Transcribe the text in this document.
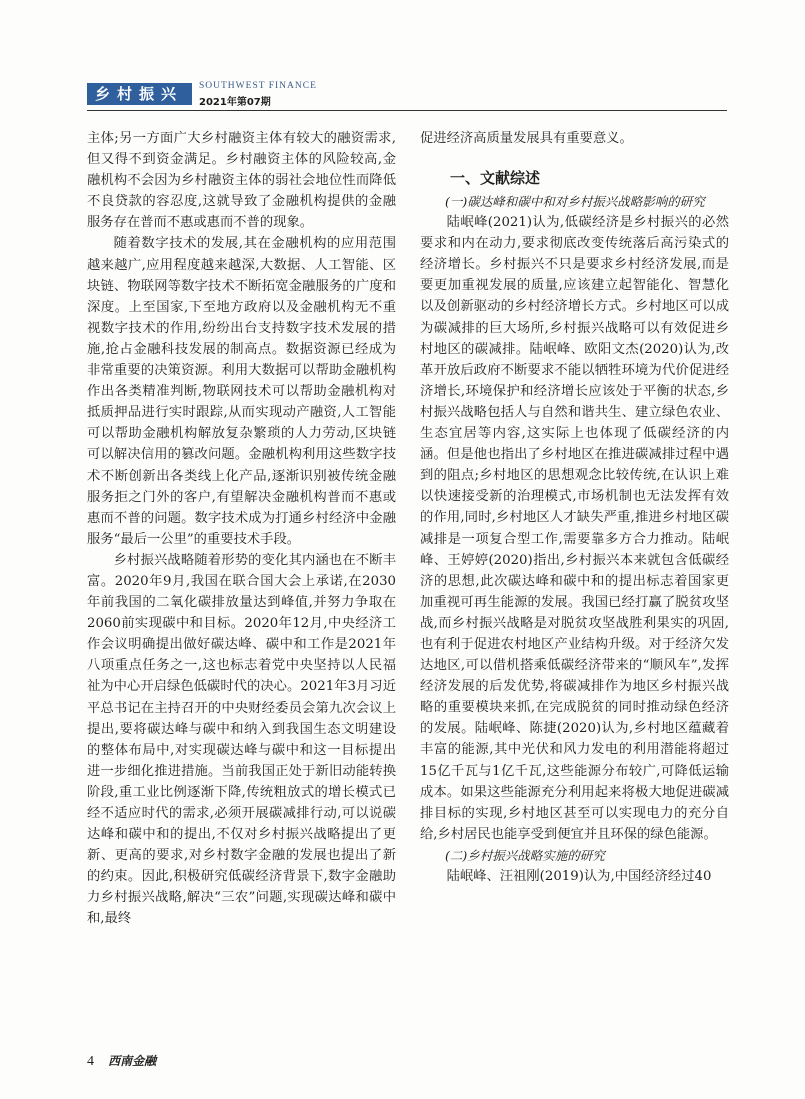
乡村振兴	SOUTHWEST FINANCE
2021年第07期

主体;另一方面广大乡村融资主体有较大的融资需求,但又得不到资金满足。乡村融资主体的风险较高,金融机构不会因为乡村融资主体的弱社会地位性而降低不良贷款的容忍度,这就导致了金融机构提供的金融服务存在普而不惠或惠而不普的现象。

随着数字技术的发展,其在金融机构的应用范围越来越广,应用程度越来越深,大数据、人工智能、区块链、物联网等数字技术不断拓宽金融服务的广度和深度。上至国家,下至地方政府以及金融机构无不重视数字技术的作用,纷纷出台支持数字技术发展的措施,抢占金融科技发展的制高点。数据资源已经成为非常重要的决策资源。利用大数据可以帮助金融机构作出各类精准判断,物联网技术可以帮助金融机构对抵质押品进行实时跟踪,从而实现动产融资,人工智能可以帮助金融机构解放复杂繁琐的人力劳动,区块链可以解决信用的篡改问题。金融机构利用这些数字技术不断创新出各类线上化产品,逐渐识别被传统金融服务拒之门外的客户,有望解决金融机构普而不惠或惠而不普的问题。数字技术成为打通乡村经济中金融服务“最后一公里”的重要技术手段。

乡村振兴战略随着形势的变化其内涵也在不断丰富。2020年9月,我国在联合国大会上承诺,在2030年前我国的二氧化碳排放量达到峰值,并努力争取在2060前实现碳中和目标。2020年12月,中央经济工作会议明确提出做好碳达峰、碳中和工作是2021年八项重点任务之一,这也标志着党中央坚持以人民福祉为中心开启绿色低碳时代的决心。2021年3月习近平总书记在主持召开的中央财经委员会第九次会议上提出,要将碳达峰与碳中和纳入到我国生态文明建设的整体布局中,对实现碳达峰与碳中和这一目标提出进一步细化推进措施。当前我国正处于新旧动能转换阶段,重工业比例逐渐下降,传统粗放式的增长模式已经不适应时代的需求,必须开展碳减排行动,可以说碳达峰和碳中和的提出,不仅对乡村振兴战略提出了更新、更高的要求,对乡村数字金融的发展也提出了新的约束。因此,积极研究低碳经济背景下,数字金融助力乡村振兴战略,解决“三农”问题,实现碳达峰和碳中和,最终

促进经济高质量发展具有重要意义。

一、文献综述

(一)碳达峰和碳中和对乡村振兴战略影响的研究

陆岷峰(2021)认为,低碳经济是乡村振兴的必然要求和内在动力,要求彻底改变传统落后高污染式的经济增长。乡村振兴不只是要求乡村经济发展,而是要更加重视发展的质量,应该建立起智能化、智慧化以及创新驱动的乡村经济增长方式。乡村地区可以成为碳减排的巨大场所,乡村振兴战略可以有效促进乡村地区的碳减排。陆岷峰、欧阳文杰(2020)认为,改革开放后政府不断要求不能以牺牲环境为代价促进经济增长,环境保护和经济增长应该处于平衡的状态,乡村振兴战略包括人与自然和谐共生、建立绿色农业、生态宜居等内容,这实际上也体现了低碳经济的内涵。但是他也指出了乡村地区在推进碳减排过程中遇到的阻点;乡村地区的思想观念比较传统,在认识上难以快速接受新的治理模式,市场机制也无法发挥有效的作用,同时,乡村地区人才缺失严重,推进乡村地区碳减排是一项复合型工作,需要靠多方合力推动。陆岷峰、王婷婷(2020)指出,乡村振兴本来就包含低碳经济的思想,此次碳达峰和碳中和的提出标志着国家更加重视可再生能源的发展。我国已经打赢了脱贫攻坚战,而乡村振兴战略是对脱贫攻坚战胜利果实的巩固,也有利于促进农村地区产业结构升级。对于经济欠发达地区,可以借机搭乘低碳经济带来的“顺风车”,发挥经济发展的后发优势,将碳减排作为地区乡村振兴战略的重要模块来抓,在完成脱贫的同时推动绿色经济的发展。陆岷峰、陈捷(2020)认为,乡村地区蕴藏着丰富的能源,其中光伏和风力发电的利用潜能将超过15亿千瓦与1亿千瓦,这些能源分布较广,可降低运输成本。如果这些能源充分利用起来将极大地促进碳减排目标的实现,乡村地区甚至可以实现电力的充分自给,乡村居民也能享受到便宜并且环保的绿色能源。

(二)乡村振兴战略实施的研究

陆岷峰、汪祖刚(2019)认为,中国经济经过40

4 西南金融
